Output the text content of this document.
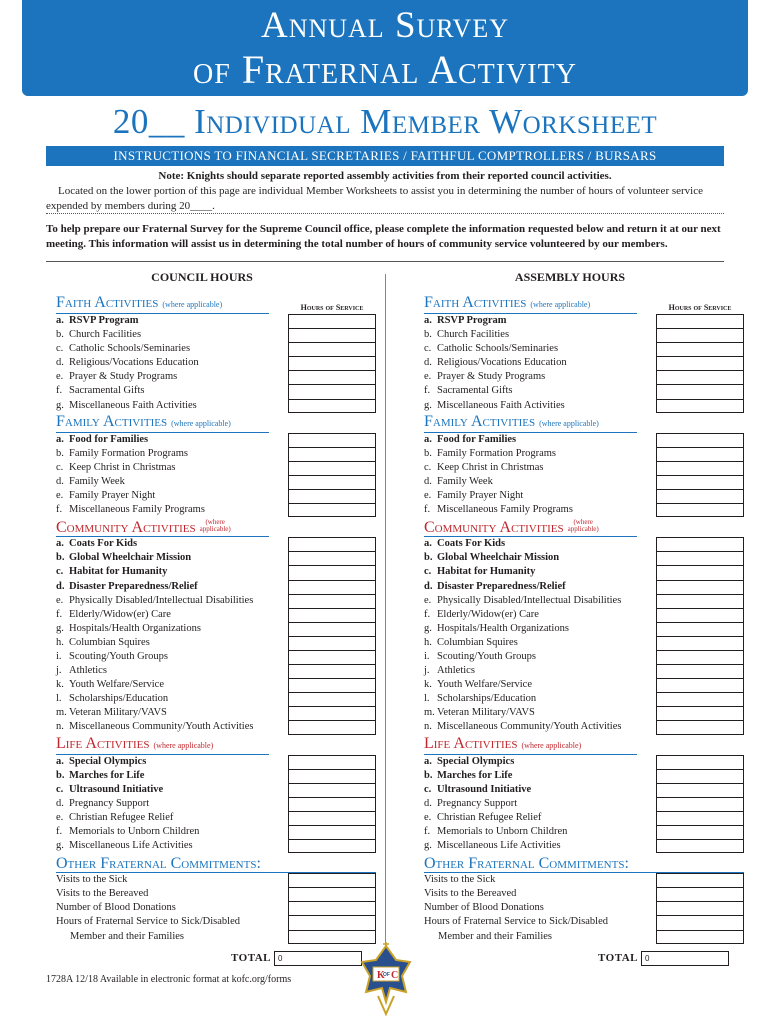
Annual Survey
of Fraternal Activity
20__ Individual Member Worksheet
INSTRUCTIONS TO FINANCIAL SECRETARIES / FAITHFUL COMPTROLLERS / BURSARS
Note: Knights should separate reported assembly activities from their reported council activities.
Located on the lower portion of this page are individual Member Worksheets to assist you in determining the number of hours of volunteer service expended by members during 20____.
To help prepare our Fraternal Survey for the Supreme Council office, please complete the information requested below and return it at our next meeting. This information will assist us in determining the total number of hours of community service volunteered by our members.
COUNCIL HOURS	ASSEMBLY HOURS
Faith Activities (where applicable)	Hours of Service
a. RSVP Program
b. Church Facilities
c. Catholic Schools/Seminaries
d. Religious/Vocations Education
e. Prayer & Study Programs
f. Sacramental Gifts
g. Miscellaneous Faith Activities
Family Activities (where applicable)
a. Food for Families
b. Family Formation Programs
c. Keep Christ in Christmas
d. Family Week
e. Family Prayer Night
f. Miscellaneous Family Programs
Community Activities (where
applicable)
a. Coats For Kids
b. Global Wheelchair Mission
c. Habitat for Humanity
d. Disaster Preparedness/Relief
e. Physically Disabled/Intellectual Disabilities
f. Elderly/Widow(er) Care
g. Hospitals/Health Organizations
h. Columbian Squires
i. Scouting/Youth Groups
j. Athletics
k. Youth Welfare/Service
l. Scholarships/Education
m. Veteran Military/VAVS
n. Miscellaneous Community/Youth Activities
Life Activities (where applicable)
a. Special Olympics
b. Marches for Life
c. Ultrasound Initiative
d. Pregnancy Support
e. Christian Refugee Relief
f. Memorials to Unborn Children
g. Miscellaneous Life Activities
Other Fraternal Commitments:
Visits to the Sick
Visits to the Bereaved
Number of Blood Donations
Hours of Fraternal Service to Sick/Disabled
Member and their Families
Faith Activities (where applicable)	Hours of Service
a. RSVP Program
b. Church Facilities
c. Catholic Schools/Seminaries
d. Religious/Vocations Education
e. Prayer & Study Programs
f. Sacramental Gifts
g. Miscellaneous Faith Activities
Family Activities (where applicable)
a. Food for Families
b. Family Formation Programs
c. Keep Christ in Christmas
d. Family Week
e. Family Prayer Night
f. Miscellaneous Family Programs
Community Activities (where
applicable)
a. Coats For Kids
b. Global Wheelchair Mission
c. Habitat for Humanity
d. Disaster Preparedness/Relief
e. Physically Disabled/Intellectual Disabilities
f. Elderly/Widow(er) Care
g. Hospitals/Health Organizations
h. Columbian Squires
i. Scouting/Youth Groups
j. Athletics
k. Youth Welfare/Service
l. Scholarships/Education
m. Veteran Military/VAVS
n. Miscellaneous Community/Youth Activities
Life Activities (where applicable)
a. Special Olympics
b. Marches for Life
c. Ultrasound Initiative
d. Pregnancy Support
e. Christian Refugee Relief
f. Memorials to Unborn Children
g. Miscellaneous Life Activities
Other Fraternal Commitments:
Visits to the Sick
Visits to the Bereaved
Number of Blood Donations
Hours of Fraternal Service to Sick/Disabled
Member and their Families
TOTAL 0	TOTAL 0
1728A 12/18 Available in electronic format at kofc.org/forms	K
OF C
